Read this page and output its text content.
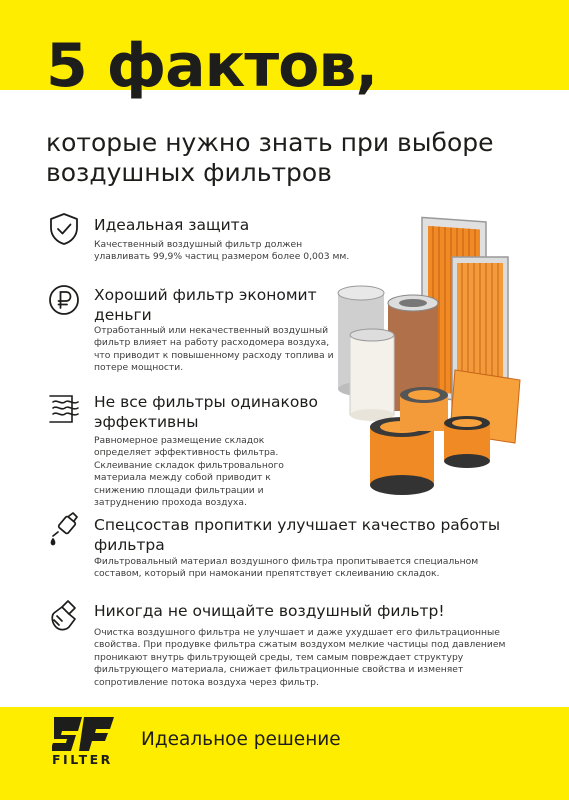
5 фактов,
которые нужно знать при выборе воздушных фильтров
Идеальная защита
Качественный воздушный фильтр должен улавливать 99,9% частиц размером более 0,003 мм.
Хороший фильтр экономит деньги
Отработанный или некачественный воздушный фильтр влияет на работу расходомера воздуха, что приводит к повышенному расходу топлива и потере мощности.
Не все фильтры одинаково эффективны
Равномерное размещение складок определяет эффективность фильтра. Склеивание складок фильтровального материала между собой приводит к снижению площади фильтрации и затруднению прохода воздуха.
Спецсостав пропитки улучшает качество работы фильтра
Фильтровальный материал воздушного фильтра пропитывается специальном составом, который при намокании препятствует склеиванию складок.
Никогда не очищайте воздушный фильтр!
Очистка воздушного фильтра не улучшает и даже ухудшает его фильтрационные свойства. При продувке фильтра сжатым воздухом мелкие частицы под давлением проникают внутрь фильтрующей среды, тем самым повреждает структуру фильтрующего материала, снижает фильтрационные свойства и изменяет сопротивление потока воздуха через фильтр.
FILTER
Идеальное решение
